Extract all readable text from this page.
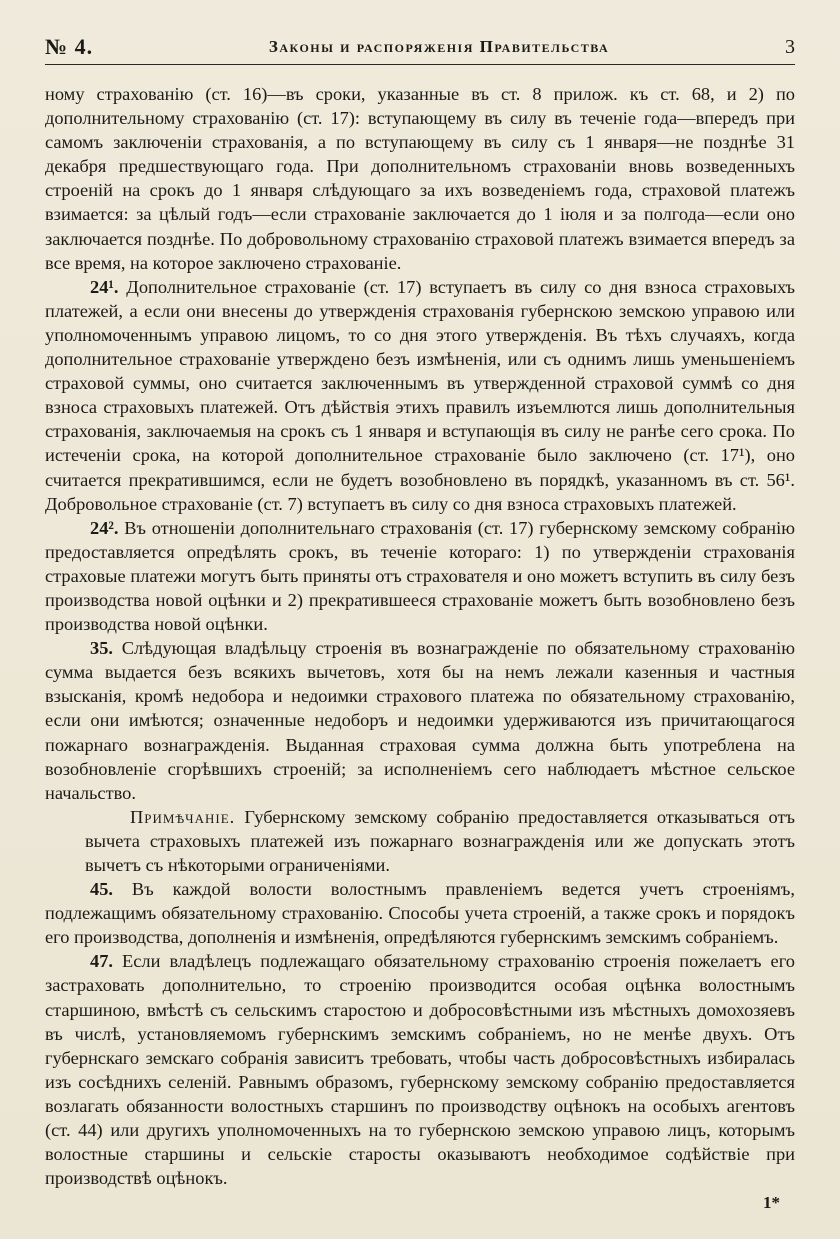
№ 4.	Законы и распоряженія Правительства	3

ному страхованію (ст. 16)—въ сроки, указанные въ ст. 8 прилож. къ ст. 68, и 2) по дополнительному страхованію (ст. 17): вступающему въ силу въ теченіе года—впередъ при самомъ заключеніи страхованія, а по вступающему въ силу съ 1 января—не позднѣе 31 декабря предшествующаго года. При дополнительномъ страхованіи вновь возведенныхъ строеній на срокъ до 1 января слѣдующаго за ихъ возведеніемъ года, страховой платежъ взимается: за цѣлый годъ—если страхованіе заключается до 1 іюля и за полгода—если оно заключается позднѣе. По добровольному страхованію страховой платежъ взимается впередъ за все время, на которое заключено страхованіе.

24¹. Дополнительное страхованіе (ст. 17) вступаетъ въ силу со дня взноса страховыхъ платежей, а если они внесены до утвержденія страхованія губернскою земскою управою или уполномоченнымъ управою лицомъ, то со дня этого утвержденія. Въ тѣхъ случаяхъ, когда дополнительное страхованіе утверждено безъ измѣненія, или съ однимъ лишь уменьшеніемъ страховой суммы, оно считается заключеннымъ въ утвержденной страховой суммѣ со дня взноса страховыхъ платежей. Отъ дѣйствія этихъ правилъ изъемлются лишь дополнительныя страхованія, заключаемыя на срокъ съ 1 января и вступающія въ силу не ранѣе сего срока. По истеченіи срока, на которой дополнительное страхованіе было заключено (ст. 17¹), оно считается прекратившимся, если не будетъ возобновлено въ порядкѣ, указанномъ въ ст. 56¹. Добровольное страхованіе (ст. 7) вступаетъ въ силу со дня взноса страховыхъ платежей.

24². Въ отношеніи дополнительнаго страхованія (ст. 17) губернскому земскому собранію предоставляется опредѣлять срокъ, въ теченіе котораго: 1) по утвержденіи страхованія страховые платежи могутъ быть приняты отъ страхователя и оно можетъ вступить въ силу безъ производства новой оцѣнки и 2) прекратившееся страхованіе можетъ быть возобновлено безъ производства новой оцѣнки.

35. Слѣдующая владѣльцу строенія въ вознагражденіе по обязательному страхованію сумма выдается безъ всякихъ вычетовъ, хотя бы на немъ лежали казенныя и частныя взысканія, кромѣ недобора и недоимки страхового платежа по обязательному страхованію, если они имѣются; означенные недоборъ и недоимки удерживаются изъ причитающагося пожарнаго вознагражденія. Выданная страховая сумма должна быть употреблена на возобновленіе сгорѣвшихъ строеній; за исполненіемъ сего наблюдаетъ мѣстное сельское начальство.

Примѣчаніе. Губернскому земскому собранію предоставляется отказываться отъ вычета страховыхъ платежей изъ пожарнаго вознагражденія или же допускать этотъ вычетъ съ нѣкоторыми ограниченіями.

45. Въ каждой волости волостнымъ правленіемъ ведется учетъ строеніямъ, подлежащимъ обязательному страхованію. Способы учета строеній, а также срокъ и порядокъ его производства, дополненія и измѣненія, опредѣляются губернскимъ земскимъ собраніемъ.

47. Если владѣлецъ подлежащаго обязательному страхованію строенія пожелаетъ его застраховать дополнительно, то строенію производится особая оцѣнка волостнымъ старшиною, вмѣстѣ съ сельскимъ старостою и добросовѣстными изъ мѣстныхъ домохозяевъ въ числѣ, установляемомъ губернскимъ земскимъ собраніемъ, но не менѣе двухъ. Отъ губернскаго земскаго собранія зависитъ требовать, чтобы часть добросовѣстныхъ избиралась изъ сосѣднихъ селеній. Равнымъ образомъ, губернскому земскому собранію предоставляется возлагать обязанности волостныхъ старшинъ по производству оцѣнокъ на особыхъ агентовъ (ст. 44) или другихъ уполномоченныхъ на то губернскою земскою управою лицъ, которымъ волостные старшины и сельскіе старосты оказываютъ необходимое содѣйствіе при производствѣ оцѣнокъ.

1*
